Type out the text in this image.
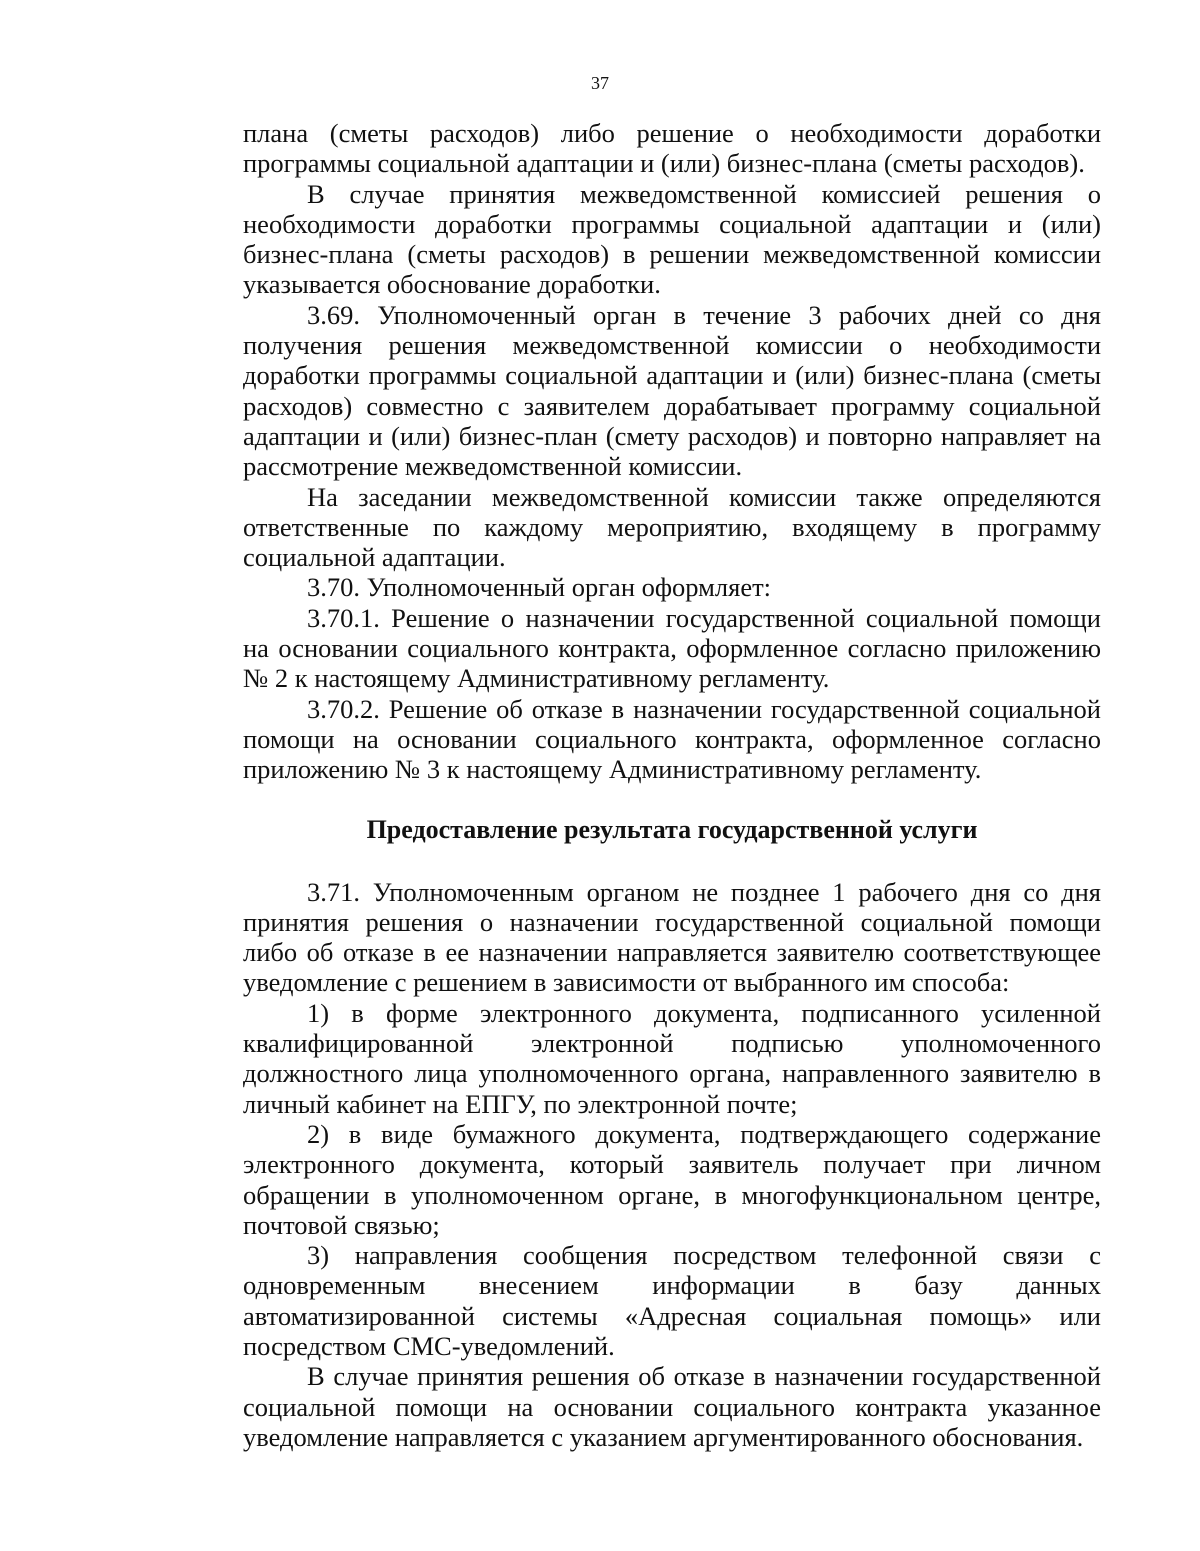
37

плана (сметы расходов) либо решение о необходимости доработки программы социальной адаптации и (или) бизнес-плана (сметы расходов).

В случае принятия межведомственной комиссией решения о необходимости доработки программы социальной адаптации и (или) бизнес-плана (сметы расходов) в решении межведомственной комиссии указывается обоснование доработки.

3.69. Уполномоченный орган в течение 3 рабочих дней со дня получения решения межведомственной комиссии о необходимости доработки программы социальной адаптации и (или) бизнес-плана (сметы расходов) совместно с заявителем дорабатывает программу социальной адаптации и (или) бизнес-план (смету расходов) и повторно направляет на рассмотрение межведомственной комиссии.

На заседании межведомственной комиссии также определяются ответственные по каждому мероприятию, входящему в программу социальной адаптации.

3.70. Уполномоченный орган оформляет:

3.70.1. Решение о назначении государственной социальной помощи на основании социального контракта, оформленное согласно приложению № 2 к настоящему Административному регламенту.

3.70.2. Решение об отказе в назначении государственной социальной помощи на основании социального контракта, оформленное согласно приложению № 3 к настоящему Административному регламенту.

Предоставление результата государственной услуги

3.71. Уполномоченным органом не позднее 1 рабочего дня со дня принятия решения о назначении государственной социальной помощи либо об отказе в ее назначении направляется заявителю соответствующее уведомление с решением в зависимости от выбранного им способа:

1) в форме электронного документа, подписанного усиленной квалифицированной электронной подписью уполномоченного должностного лица уполномоченного органа, направленного заявителю в личный кабинет на ЕПГУ, по электронной почте;

2) в виде бумажного документа, подтверждающего содержание электронного документа, который заявитель получает при личном обращении в уполномоченном органе, в многофункциональном центре, почтовой связью;

3) направления сообщения посредством телефонной связи с одновременным внесением информации в базу данных автоматизированной системы «Адресная социальная помощь» или посредством СМС-уведомлений.

В случае принятия решения об отказе в назначении государственной социальной помощи на основании социального контракта указанное уведомление направляется с указанием аргументированного обоснования.
